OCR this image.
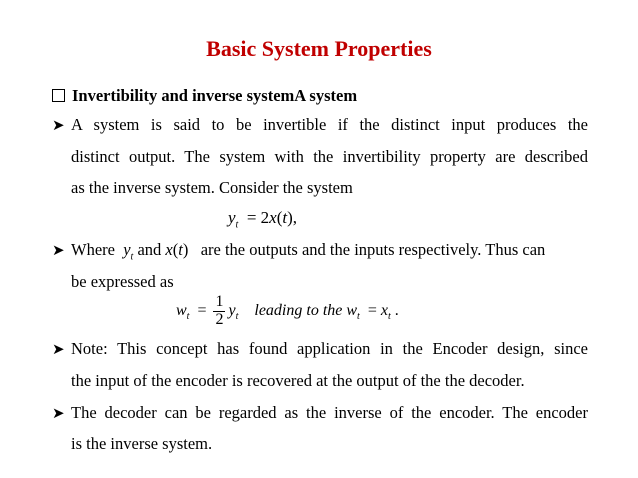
Basic System Properties
Invertibility and inverse systemA system
➤ A system is said to be invertible if the distinct input produces the
distinct output. The system with the invertibility property are described
as the inverse system. Consider the system
$y_t = 2x(t)$,
➤ Where $y_t$ and x(t)   are the outputs and the inputs respectively. Thus can
be expressed as
$w_t = \frac{1}{2} y_t$ leading to the $w_t = x_t$ .
➤ Note: This concept has found application in the Encoder design, since
the input of the encoder is recovered at the output of the the decoder.
➤ The decoder can be regarded as the inverse of the encoder. The encoder
is the inverse system.
